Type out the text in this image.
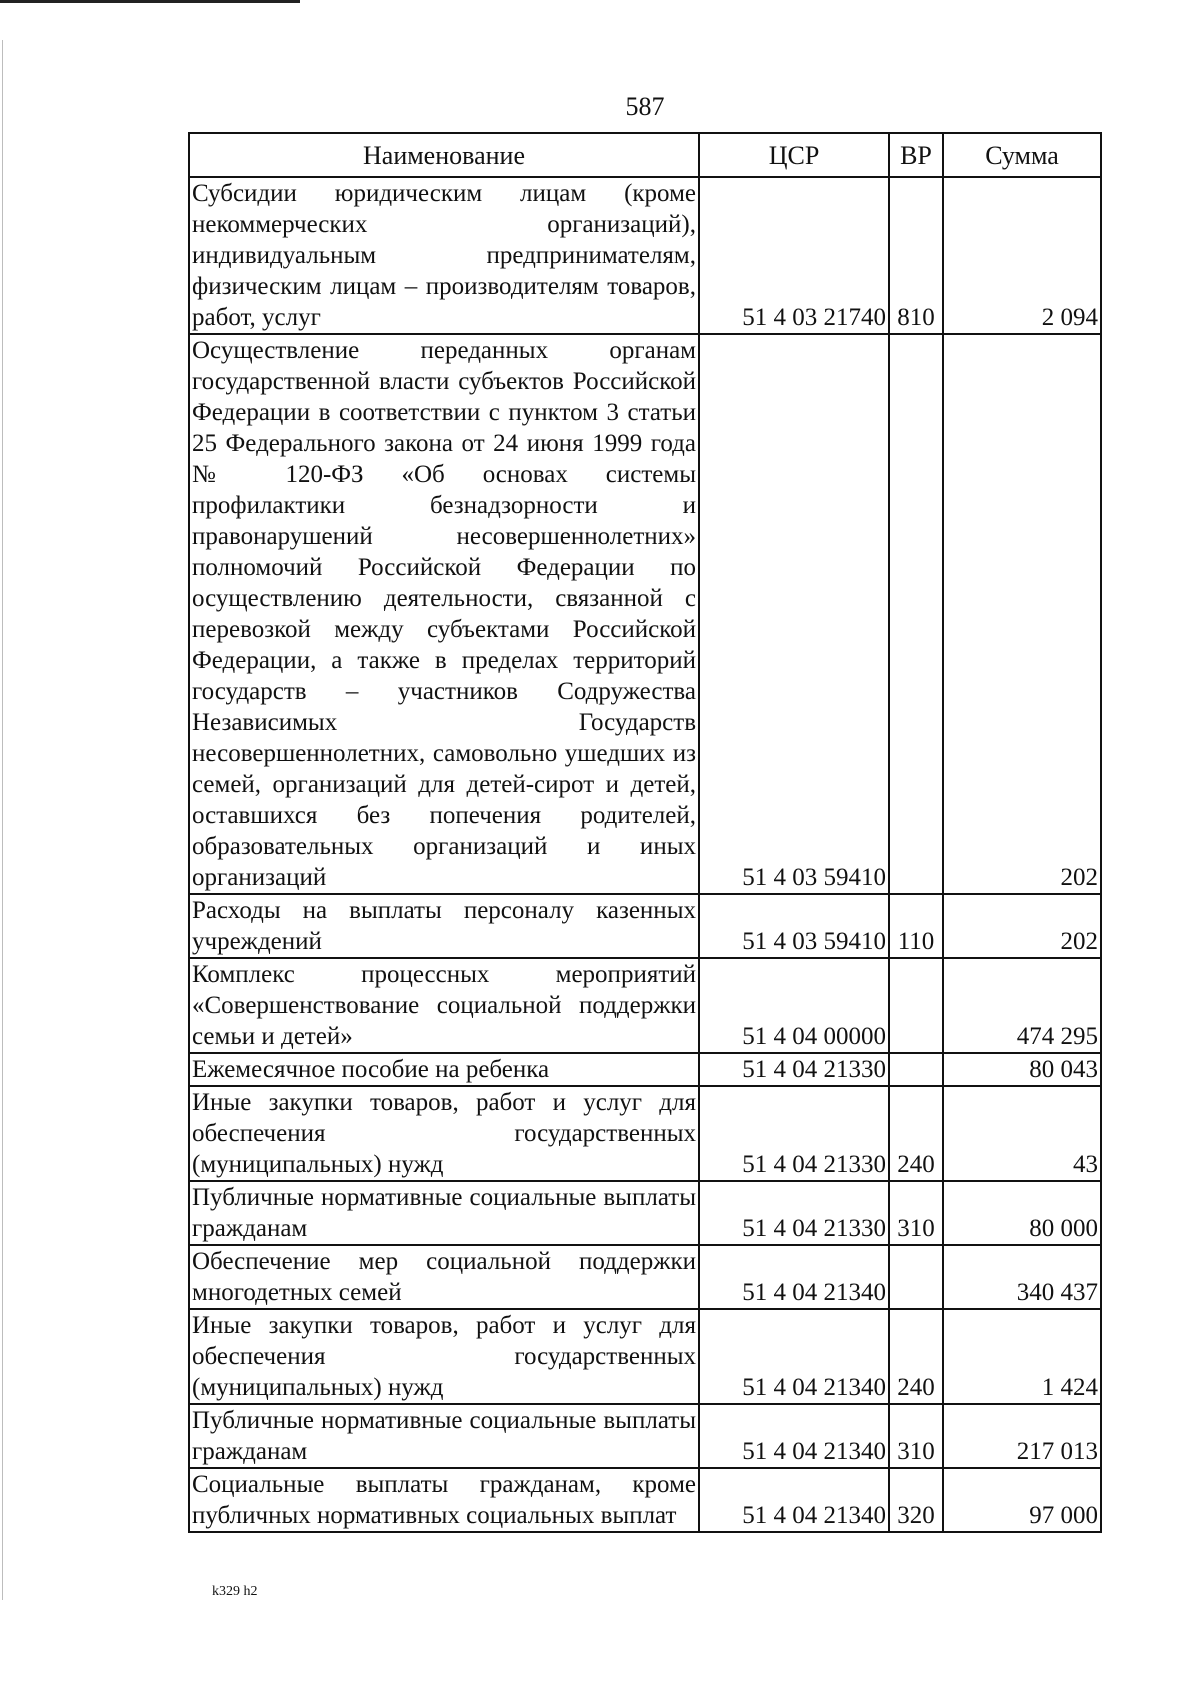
587
Наименование	ЦСР	ВР	Сумма
Субсидии юридическим лицам (кроме некоммерческих организаций), индивидуальным предпринимателям, физическим лицам – производителям товаров, работ, услуг	51 4 03 21740	810	2 094
Осуществление переданных органам государственной власти субъектов Российской Федерации в соответствии с пунктом 3 статьи 25 Федерального закона от 24 июня 1999 года № 120-ФЗ «Об основах системы профилактики безнадзорности и правонарушений несовершеннолетних» полномочий Российской Федерации по осуществлению деятельности, связанной с перевозкой между субъектами Российской Федерации, а также в пределах территорий государств – участников Содружества Независимых Государств несовершеннолетних, самовольно ушедших из семей, организаций для детей-сирот и детей, оставшихся без попечения родителей, образовательных организаций и иных организаций	51 4 03 59410		202
Расходы на выплаты персоналу казенных учреждений	51 4 03 59410	110	202
Комплекс процессных мероприятий «Совершенствование социальной поддержки семьи и детей»	51 4 04 00000		474 295
Ежемесячное пособие на ребенка	51 4 04 21330		80 043
Иные закупки товаров, работ и услуг для обеспечения государственных (муниципальных) нужд	51 4 04 21330	240	43
Публичные нормативные социальные выплаты гражданам	51 4 04 21330	310	80 000
Обеспечение мер социальной поддержки многодетных семей	51 4 04 21340		340 437
Иные закупки товаров, работ и услуг для обеспечения государственных (муниципальных) нужд	51 4 04 21340	240	1 424
Публичные нормативные социальные выплаты гражданам	51 4 04 21340	310	217 013
Социальные выплаты гражданам, кроме публичных нормативных социальных выплат	51 4 04 21340	320	97 000
k329 h2
